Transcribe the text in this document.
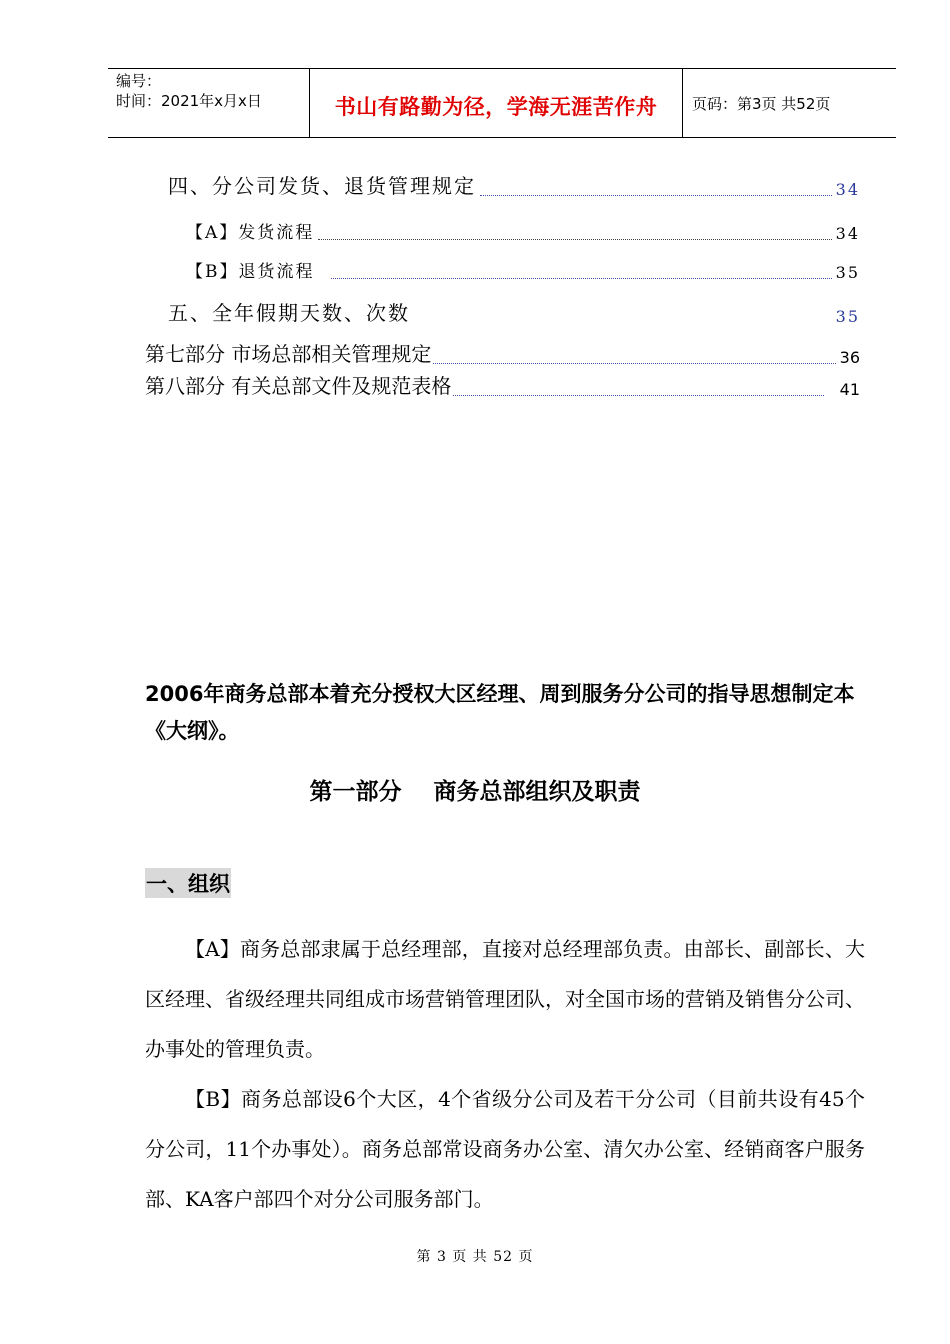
编号：
时间：2021年x月x日	书山有路勤为径，学海无涯苦作舟	页码：第3页 共52页
四、分公司发货、退货管理规定	34
【A】发货流程	34
【B】退货流程	35
五、全年假期天数、次数	35
第七部分 市场总部相关管理规定	36
第八部分 有关总部文件及规范表格	41
2006年商务总部本着充分授权大区经理、周到服务分公司的指导思想制定本《大纲》。
第一部分    商务总部组织及职责
一、组织
【A】商务总部隶属于总经理部，直接对总经理部负责。由部长、副部长、大区经理、省级经理共同组成市场营销管理团队，对全国市场的营销及销售分公司、办事处的管理负责。
【B】商务总部设6个大区，4个省级分公司及若干分公司（目前共设有45个分公司，11个办事处）。商务总部常设商务办公室、清欠办公室、经销商客户服务部、KA客户部四个对分公司服务部门。
第 3 页 共 52 页
